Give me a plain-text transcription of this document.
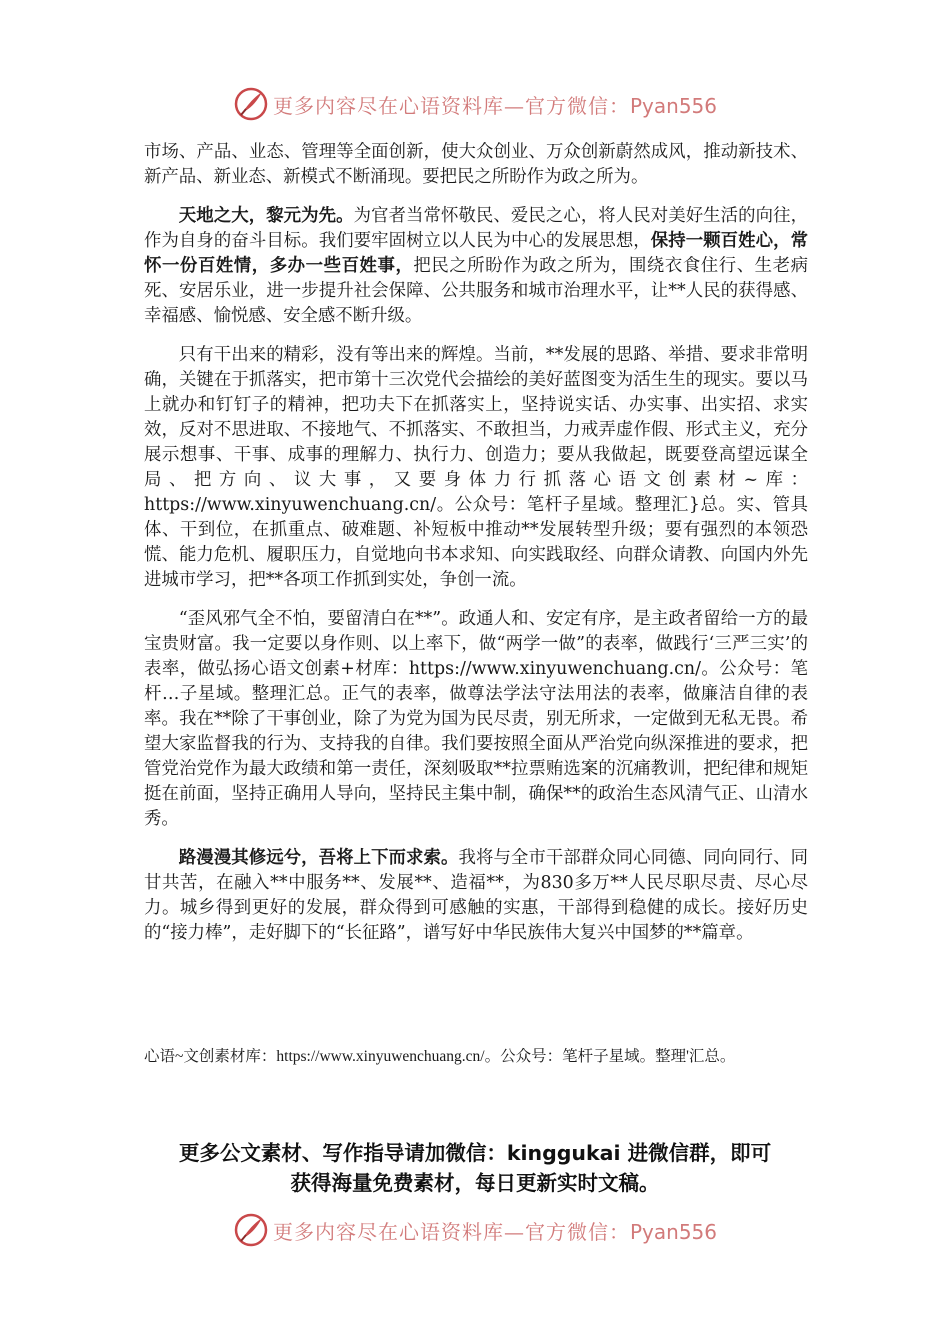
更多内容尽在心语资料库—官方微信：Pyan556

市场、产品、业态、管理等全面创新，使大众创业、万众创新蔚然成风，推动新技术、新产品、新业态、新模式不断涌现。要把民之所盼作为政之所为。

天地之大，黎元为先。为官者当常怀敬民、爱民之心，将人民对美好生活的向往，作为自身的奋斗目标。我们要牢固树立以人民为中心的发展思想，保持一颗百姓心，常怀一份百姓情，多办一些百姓事，把民之所盼作为政之所为，围绕衣食住行、生老病死、安居乐业，进一步提升社会保障、公共服务和城市治理水平，让**人民的获得感、幸福感、愉悦感、安全感不断升级。

只有干出来的精彩，没有等出来的辉煌。当前，**发展的思路、举措、要求非常明确，关键在于抓落实，把市第十三次党代会描绘的美好蓝图变为活生生的现实。要以马上就办和钉钉子的精神，把功夫下在抓落实上，坚持说实话、办实事、出实招、求实效，反对不思进取、不接地气、不抓落实、不敢担当，力戒弄虚作假、形式主义，充分展示想事、干事、成事的理解力、执行力、创造力；要从我做起，既要登高望远谋全局、把方向、议大事，又要身体力行抓落心语文创素材~库：https://www.xinyuwenchuang.cn/。公众号：笔杆子星域。整理汇}总。实、管具体、干到位，在抓重点、破难题、补短板中推动**发展转型升级；要有强烈的本领恐慌、能力危机、履职压力，自觉地向书本求知、向实践取经、向群众请教、向国内外先进城市学习，把**各项工作抓到实处，争创一流。

“歪风邪气全不怕，要留清白在**”。政通人和、安定有序，是主政者留给一方的最宝贵财富。我一定要以身作则、以上率下，做“两学一做”的表率，做践行‘三严三实’的表率，做弘扬心语文创素+材库：https://www.xinyuwenchuang.cn/。公众号：笔杆…子星域。整理汇总。正气的表率，做尊法学法守法用法的表率，做廉洁自律的表率。我在**除了干事创业，除了为党为国为民尽责，别无所求，一定做到无私无畏。希望大家监督我的行为、支持我的自律。我们要按照全面从严治党向纵深推进的要求，把管党治党作为最大政绩和第一责任，深刻吸取**拉票贿选案的沉痛教训，把纪律和规矩挺在前面，坚持正确用人导向，坚持民主集中制，确保**的政治生态风清气正、山清水秀。

路漫漫其修远兮，吾将上下而求索。我将与全市干部群众同心同德、同向同行、同甘共苦，在融入**中服务**、发展**、造福**，为830多万**人民尽职尽责、尽心尽力。城乡得到更好的发展，群众得到可感触的实惠，干部得到稳健的成长。接好历史的“接力棒”，走好脚下的“长征路”，谱写好中华民族伟大复兴中国梦的**篇章。

心语~文创素材库：https://www.xinyuwenchuang.cn/。公众号：笔杆子星域。整理'汇总。
更多公文素材、写作指导请加微信：kinggukai 进微信群，即可
获得海量免费素材，每日更新实时文稿。
更多内容尽在心语资料库—官方微信：Pyan556
